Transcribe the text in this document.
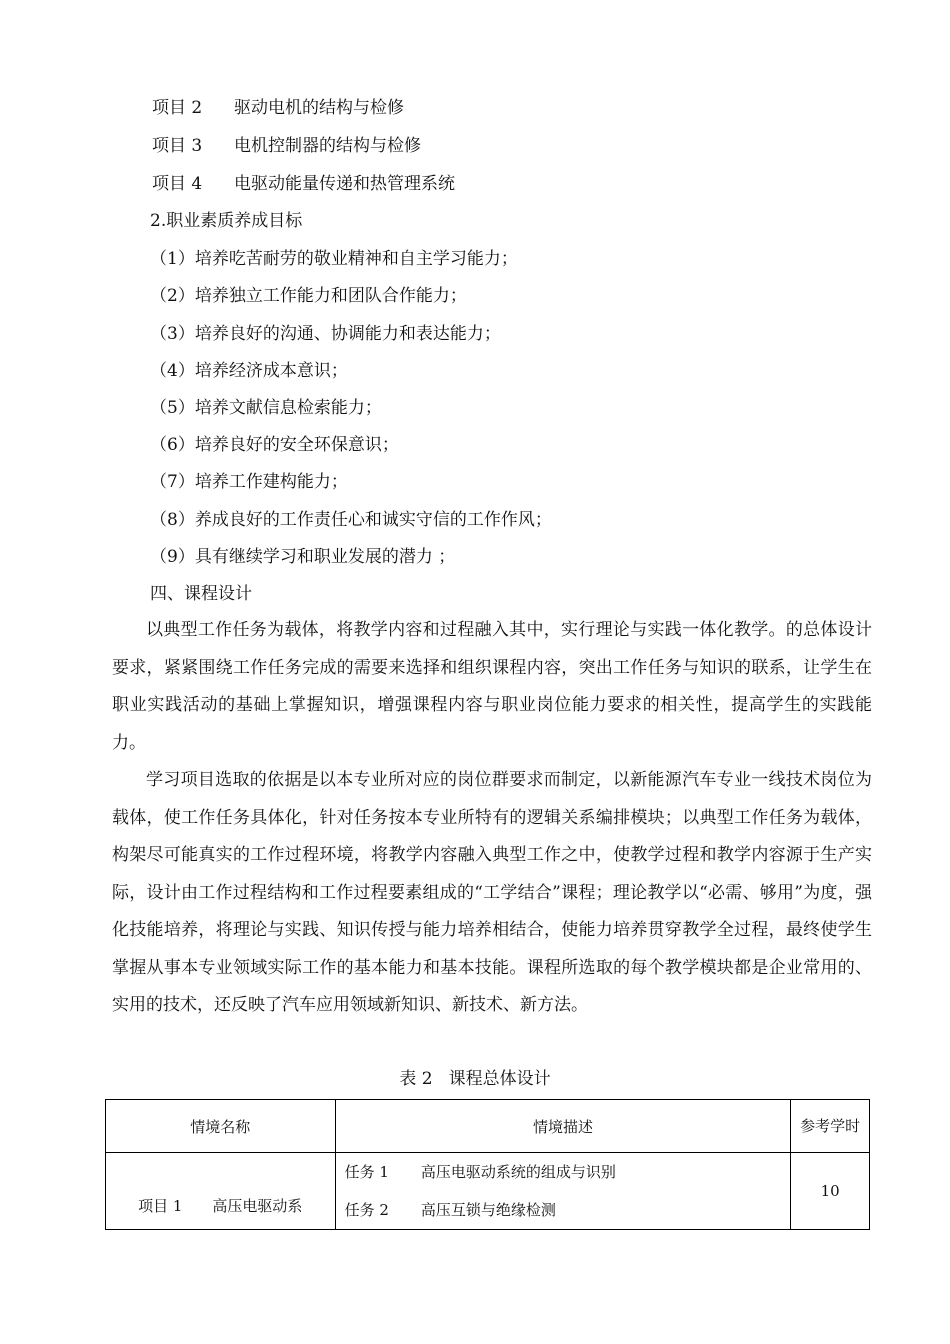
项目 2 驱动电机的结构与检修
项目 3 电机控制器的结构与检修
项目 4 电驱动能量传递和热管理系统
2.职业素质养成目标
（1）培养吃苦耐劳的敬业精神和自主学习能力；
（2）培养独立工作能力和团队合作能力；
（3）培养良好的沟通、协调能力和表达能力；
（4）培养经济成本意识；
（5）培养文献信息检索能力；
（6）培养良好的安全环保意识；
（7）培养工作建构能力；
（8）养成良好的工作责任心和诚实守信的工作作风；
（9）具有继续学习和职业发展的潜力 ；
四、课程设计

以典型工作任务为载体，将教学内容和过程融入其中，实行理论与实践一体化教学。的总体设计要求，紧紧围绕工作任务完成的需要来选择和组织课程内容，突出工作任务与知识的联系，让学生在职业实践活动的基础上掌握知识，增强课程内容与职业岗位能力要求的相关性，提高学生的实践能力。

学习项目选取的依据是以本专业所对应的岗位群要求而制定，以新能源汽车专业一线技术岗位为载体，使工作任务具体化，针对任务按本专业所特有的逻辑关系编排模块；以典型工作任务为载体，构架尽可能真实的工作过程环境，将教学内容融入典型工作之中，使教学过程和教学内容源于生产实际，设计由工作过程结构和工作过程要素组成的“工学结合”课程；理论教学以“必需、够用”为度，强化技能培养，将理论与实践、知识传授与能力培养相结合，使能力培养贯穿教学全过程，最终使学生掌握从事本专业领域实际工作的基本能力和基本技能。课程所选取的每个教学模块都是企业常用的、实用的技术，还反映了汽车应用领域新知识、新技术、新方法。

表 2 课程总体设计
情境名称	情境描述	参考学时

项目 1 高压电驱动系	任务 1 高压电驱动系统的组成与识别
任务 2 高压互锁与绝缘检测	10
